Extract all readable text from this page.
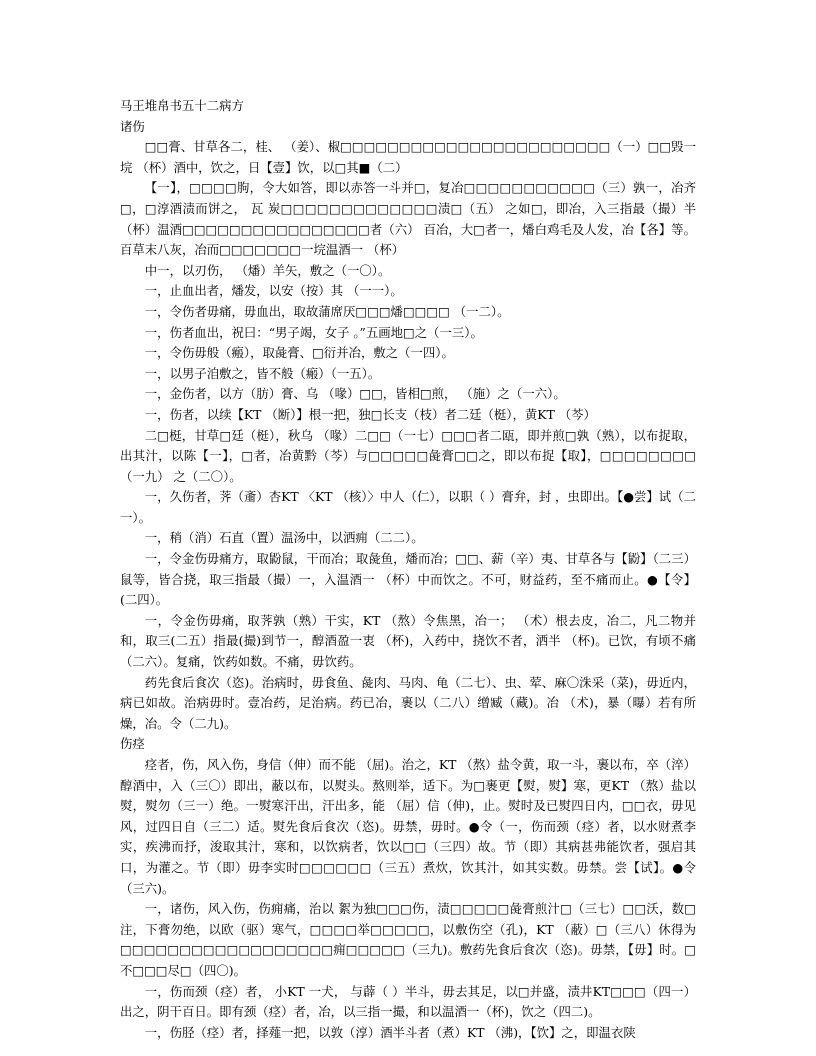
马王堆帛书五十二病方
诸伤

□□膏、甘草各二，桂、 （姜）、椒□□□□□□□□□□□□□□□□□□□□□□□（一）□□毁一垸 （杯）酒中，饮之，日【壹】饮，以□其■（二）

【一】，□□□□朐，令大如答，即以赤答一斗并□，复冶□□□□□□□□□□□（三）孰一，冶齐□，□淳酒渍而饼之， 瓦 炭□□□□□□□□□□□□□渍□（五） 之如□，即冶，入三指最（撮）半 （杯）温酒□□□□□□□□□□□□□□□□者（六） 百冶，大□者一，燔白鸡毛及人发，冶【各】等。百草末八灰，冶而□□□□□□□一垸温酒一 （杯）

中一，以刃伤， （燔）羊矢，敷之（一〇）。

一，止血出者，燔发，以安（按）其 （一一）。

一，令伤者毋痛，毋血出，取故蒲席厌□□□燔□□□□ （一二）。

一，伤者血出，祝曰：“男子竭，女子 。”五画地□之（一三）。

一，令伤毋般（瘢），取彘膏、□衍并冶，敷之（一四）。

一，以男子洎敷之，皆不般（瘢）（一五）。

一，金伤者，以方（肪）膏、乌 （喙）□□，皆相□煎， （施）之（一六）。

一，伤者，以续【KT （断）】根一把，独□长支（枝）者二廷（梃），黄KT （芩）

二□梃，甘草□廷（梃），秋乌 （喙）二□□（一七）□□□者二瓯，即并煎□孰（熟），以布捉取，出其汁，以陈【一】，□者，冶黄黔（芩）与□□□□□彘膏□□之，即以布捉【取】，□□□□□□□□（一九） 之（二〇）。

一，久伤者，荠（齑）杏KT 〈KT （核）〉中人（仁），以职（ ）膏弁，封 ，虫即出。【●尝】试（二一）。

一，稍（消）石直（置）温汤中，以洒痈（二二）。

一，令金伤毋痛方，取鼢鼠，干而冶；取彘鱼，燔而冶；□□、薪（辛）夷、甘草各与【鼢】（二三）鼠等，皆合挠，取三指最（撮）一，入温酒一 （杯）中而饮之。不可，财益药，至不痛而止。●【令】(二四）。

一，令金伤毋痛，取荠孰（熟）干实，KT （熬）令焦黑，冶一； （术）根去皮，冶二，凡二物并和，取三(二五）指最(撮)到节一，醇酒盈一衷 （杯)，入药中，挠饮不者，洒半 （杯)。已饮，有顷不痛（二六）。复痛，饮药如数。不痛，毋饮药。

药先食后食次（恣)。治病时，毋食鱼、彘肉、马肉、龟（二七）、虫、荤、麻〇洙采（菜)，毋近内，病已如故。治病毋时。壹冶药，足治病。药已冶，裹以（二八）缯臧（藏)。冶 （术)，暴（曝）若有所燥，冶。令（二九)。

伤痉

痉者，伤，风入伤，身信（伸）而不能 （屈)。治之，KT （熬）盐令黄，取一斗，裹以布，卒（淬）醇酒中，入（三〇）即出，蔽以布，以熨头。熬则举，适下。为□裹更【熨，熨】寒，更KT （熬）盐以熨，熨勿（三一）绝。一熨寒汗出，汗出多，能 （屈）信（伸)，止。熨时及已熨四日内，□□衣，毋见风，过四日自（三二）适。熨先食后食次（恣)。毋禁，毋时。●令（一，伤而颈（痉）者，以水财煮李实，疾沸而抒，浚取其汁，寒和，以饮病者，饮以□□（三四）故。节（即）其病甚弗能饮者，强启其口，为灌之。节（即）毋李实时□□□□□□（三五）煮炊，饮其汁，如其实数。毋禁。尝【试】。●令（三六)。

一，诸伤，风入伤，伤痈痛，治以 絮为独□□□伤，渍□□□□□彘膏煎汁□（三七）□□沃，数□注，下膏勿绝，以欧（驱）寒气，□□□□举□□□□□，以敷伤空（孔)，KT （蔽）□（三八）休得为□□□□□□□□□□□□□□□□□□痈□□□□□（三九)。敷药先食后食次（恣)。毋禁，【毋】时。□ 不□□□尽□（四〇)。

一，伤而颈（痉）者， 小KT 一犬， 与薜（ ）半斗，毋去其足，以□并盛，渍井KT□□□（四一）出之，阴干百日。即有颈（痉）者，冶，以三指一撮，和以温酒一（杯)，饮之（四二)。

一，伤胫（痉）者，择薤一把，以敦（淳）酒半斗者（煮）KT （沸)，【饮】之，即温衣陕
